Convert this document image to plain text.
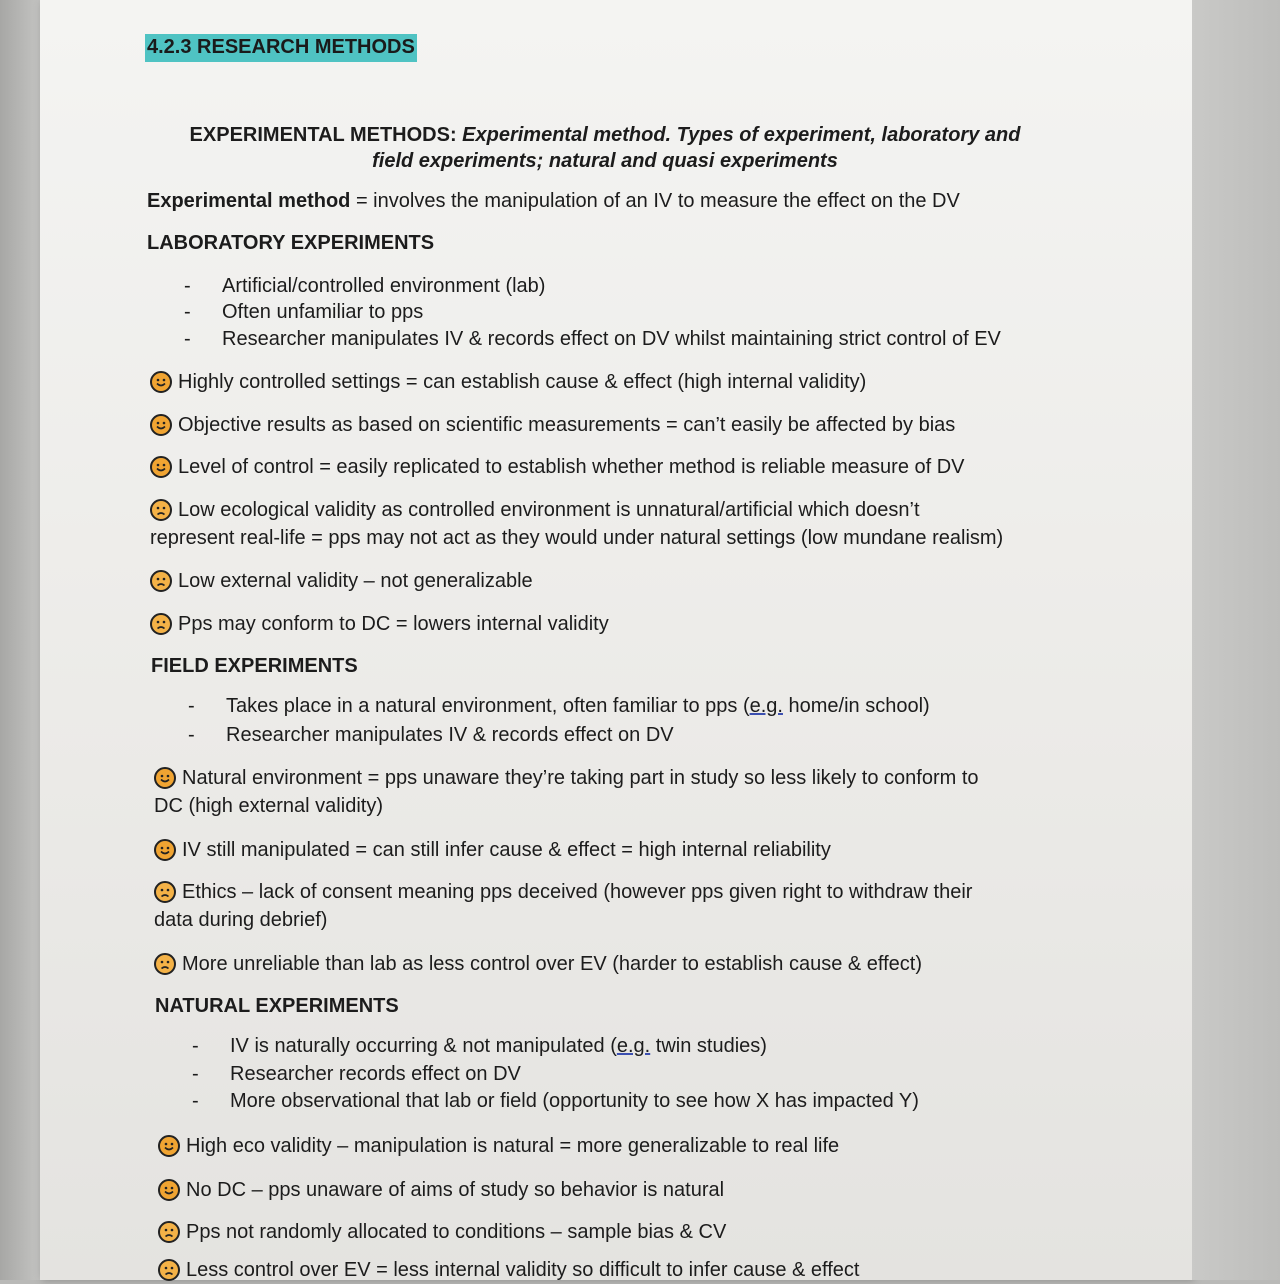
4.2.3 RESEARCH METHODS
EXPERIMENTAL METHODS: Experimental method. Types of experiment, laboratory and
field experiments; natural and quasi experiments
Experimental method = involves the manipulation of an IV to measure the effect on the DV
LABORATORY EXPERIMENTS
- Artificial/controlled environment (lab)
- Often unfamiliar to pps
- Researcher manipulates IV & records effect on DV whilst maintaining strict control of EV
Highly controlled settings = can establish cause & effect (high internal validity)
Objective results as based on scientific measurements = can’t easily be affected by bias
Level of control = easily replicated to establish whether method is reliable measure of DV
Low ecological validity as controlled environment is unnatural/artificial which doesn’t
represent real-life = pps may not act as they would under natural settings (low mundane realism)
Low external validity – not generalizable
Pps may conform to DC = lowers internal validity
FIELD EXPERIMENTS
- Takes place in a natural environment, often familiar to pps (e.g. home/in school)
- Researcher manipulates IV & records effect on DV
Natural environment = pps unaware they’re taking part in study so less likely to conform to
DC (high external validity)
IV still manipulated = can still infer cause & effect = high internal reliability
Ethics – lack of consent meaning pps deceived (however pps given right to withdraw their
data during debrief)
More unreliable than lab as less control over EV (harder to establish cause & effect)
NATURAL EXPERIMENTS
- IV is naturally occurring & not manipulated (e.g. twin studies)
- Researcher records effect on DV
- More observational that lab or field (opportunity to see how X has impacted Y)
High eco validity – manipulation is natural = more generalizable to real life
No DC – pps unaware of aims of study so behavior is natural
Pps not randomly allocated to conditions – sample bias & CV
Less control over EV = less internal validity so difficult to infer cause & effect
